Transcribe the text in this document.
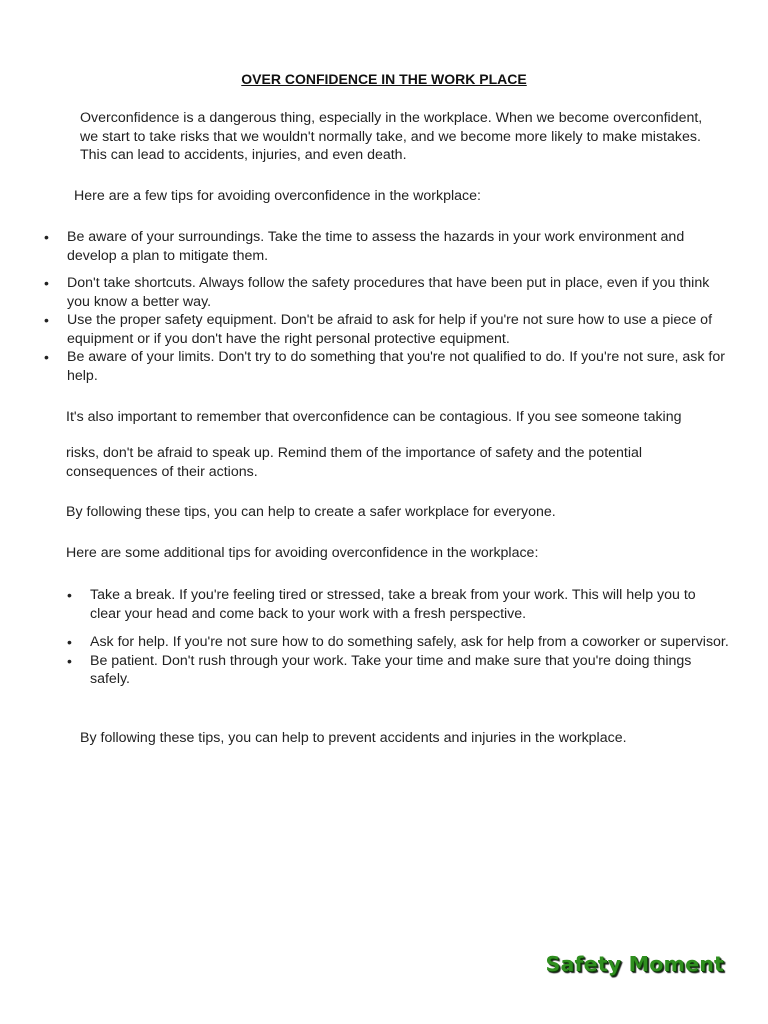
OVER CONFIDENCE IN THE WORK PLACE

Overconfidence is a dangerous thing, especially in the workplace. When we become overconfident, we start to take risks that we wouldn't normally take, and we become more likely to make mistakes. This can lead to accidents, injuries, and even death.

Here are a few tips for avoiding overconfidence in the workplace:

• Be aware of your surroundings. Take the time to assess the hazards in your work environment and develop a plan to mitigate them.
• Don't take shortcuts. Always follow the safety procedures that have been put in place, even if you think you know a better way.
• Use the proper safety equipment. Don't be afraid to ask for help if you're not sure how to use a piece of equipment or if you don't have the right personal protective equipment.
• Be aware of your limits. Don't try to do something that you're not qualified to do. If you're not sure, ask for help.

It's also important to remember that overconfidence can be contagious. If you see someone taking

risks, don't be afraid to speak up. Remind them of the importance of safety and the potential consequences of their actions.

By following these tips, you can help to create a safer workplace for everyone.

Here are some additional tips for avoiding overconfidence in the workplace:

• Take a break. If you're feeling tired or stressed, take a break from your work. This will help you to clear your head and come back to your work with a fresh perspective.
• Ask for help. If you're not sure how to do something safely, ask for help from a coworker or supervisor.
• Be patient. Don't rush through your work. Take your time and make sure that you're doing things safely.

By following these tips, you can help to prevent accidents and injuries in the workplace.

Safety Moment
